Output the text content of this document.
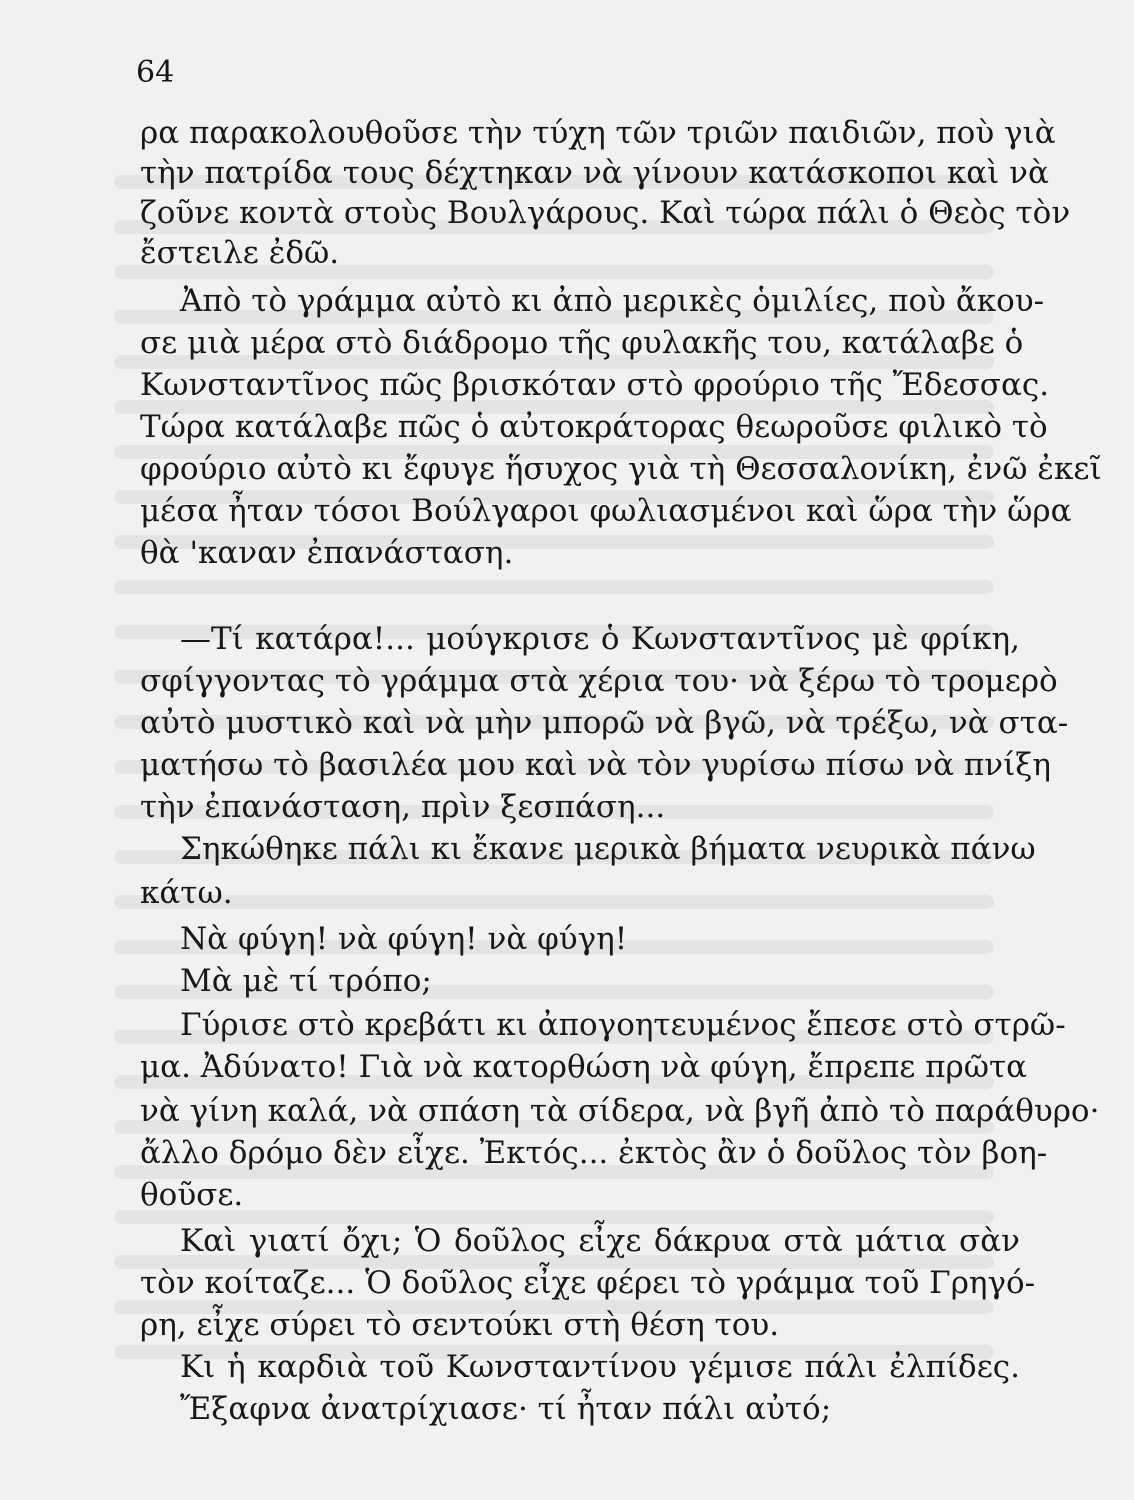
64

ρα παρακολουθοῦσε τὴν τύχη τῶν τριῶν παιδιῶν, ποὺ γιὰ

τὴν πατρίδα τους δέχτηκαν νὰ γίνουν κατάσκοποι καὶ νὰ

ζοῦνε κοντὰ στοὺς Βουλγάρους. Καὶ τώρα πάλι ὁ Θεὸς τὸν

ἔστειλε ἐδῶ.

Ἀπὸ τὸ γράμμα αὐτὸ κι ἀπὸ μερικὲς ὁμιλίες, ποὺ ἄκου-

σε μιὰ μέρα στὸ διάδρομο τῆς φυλακῆς του, κατάλαβε ὁ

Κωνσταντῖνος πῶς βρισκόταν στὸ φρούριο τῆς Ἔδεσσας.

Τώρα κατάλαβε πῶς ὁ αὐτοκράτορας θεωροῦσε φιλικὸ τὸ

φρούριο αὐτὸ κι ἔφυγε ἥσυχος γιὰ τὴ Θεσσαλονίκη, ἐνῶ ἐκεῖ

μέσα ἦταν τόσοι Βούλγαροι φωλιασμένοι καὶ ὥρα τὴν ὥρα

θὰ 'καναν ἐπανάσταση.

—Τί κατάρα!... μούγκρισε ὁ Κωνσταντῖνος μὲ φρίκη,

σφίγγοντας τὸ γράμμα στὰ χέρια του· νὰ ξέρω τὸ τρομερὸ

αὐτὸ μυστικὸ καὶ νὰ μὴν μπορῶ νὰ βγῶ, νὰ τρέξω, νὰ στα-

ματήσω τὸ βασιλέα μου καὶ νὰ τὸν γυρίσω πίσω νὰ πνίξη

τὴν ἐπανάσταση, πρὶν ξεσπάση...

Σηκώθηκε πάλι κι ἔκανε μερικὰ βήματα νευρικὰ πάνω

κάτω.

Νὰ φύγη! νὰ φύγη! νὰ φύγη!

Μὰ μὲ τί τρόπο;

Γύρισε στὸ κρεβάτι κι ἀπογοητευμένος ἔπεσε στὸ στρῶ-

μα. Ἀδύνατο! Γιὰ νὰ κατορθώση νὰ φύγη, ἔπρεπε πρῶτα

νὰ γίνη καλά, νὰ σπάση τὰ σίδερα, νὰ βγῆ ἀπὸ τὸ παράθυρο·

ἄλλο δρόμο δὲν εἶχε. Ἐκτός... ἐκτὸς ἂν ὁ δοῦλος τὸν βοη-

θοῦσε.

Καὶ γιατί ὄχι; Ὁ δοῦλος εἶχε δάκρυα στὰ μάτια σὰν

τὸν κοίταζε... Ὁ δοῦλος εἶχε φέρει τὸ γράμμα τοῦ Γρηγό-

ρη, εἶχε σύρει τὸ σεντούκι στὴ θέση του.

Κι ἡ καρδιὰ τοῦ Κωνσταντίνου γέμισε πάλι ἐλπίδες.

Ἔξαφνα ἀνατρίχιασε· τί ἦταν πάλι αὐτό;
